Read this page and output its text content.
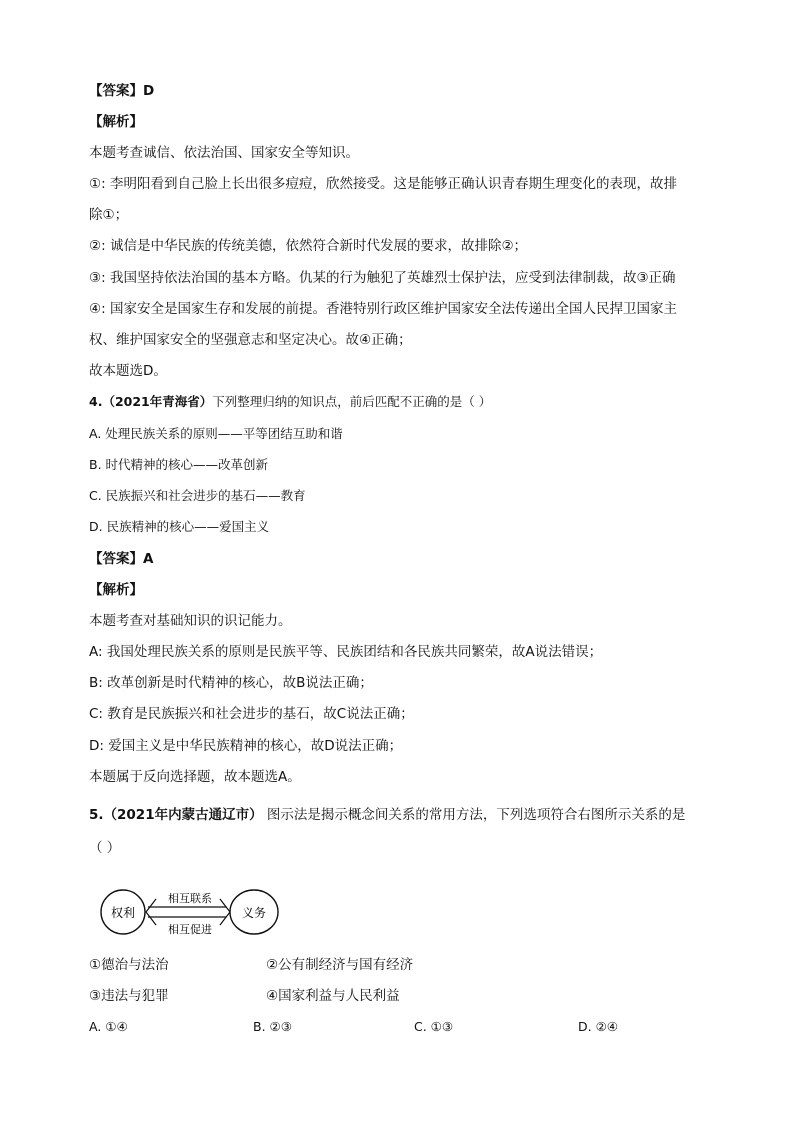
【答案】D
【解析】
本题考查诚信、依法治国、国家安全等知识。
①: 李明阳看到自己脸上长出很多痘痘，欣然接受。这是能够正确认识青春期生理变化的表现，故排
除①；
②: 诚信是中华民族的传统美德，依然符合新时代发展的要求，故排除②；
③: 我国坚持依法治国的基本方略。仇某的行为触犯了英雄烈士保护法，应受到法律制裁，故③正确
④: 国家安全是国家生存和发展的前提。香港特别行政区维护国家安全法传递出全国人民捍卫国家主
权、维护国家安全的坚强意志和坚定决心。故④正确；
故本题选D。
4.（2021年青海省）下列整理归纳的知识点，前后匹配不正确的是（ ）
A. 处理民族关系的原则——平等团结互助和谐
B. 时代精神的核心——改革创新
C. 民族振兴和社会进步的基石——教育
D. 民族精神的核心——爱国主义
【答案】A
【解析】
本题考查对基础知识的识记能力。
A: 我国处理民族关系的原则是民族平等、民族团结和各民族共同繁荣，故A说法错误；
B: 改革创新是时代精神的核心，故B说法正确；
C: 教育是民族振兴和社会进步的基石，故C说法正确；
D: 爱国主义是中华民族精神的核心，故D说法正确；
本题属于反向选择题，故本题选A。
5.（2021年内蒙古通辽市） 图示法是揭示概念间关系的常用方法，下列选项符合右图所示关系的是
（ ）
权利	义务
相互联系
相互促进
①德治与法治	②公有制经济与国有经济
③违法与犯罪	④国家利益与人民利益
A. ①④	B. ②③	C. ①③	D. ②④
